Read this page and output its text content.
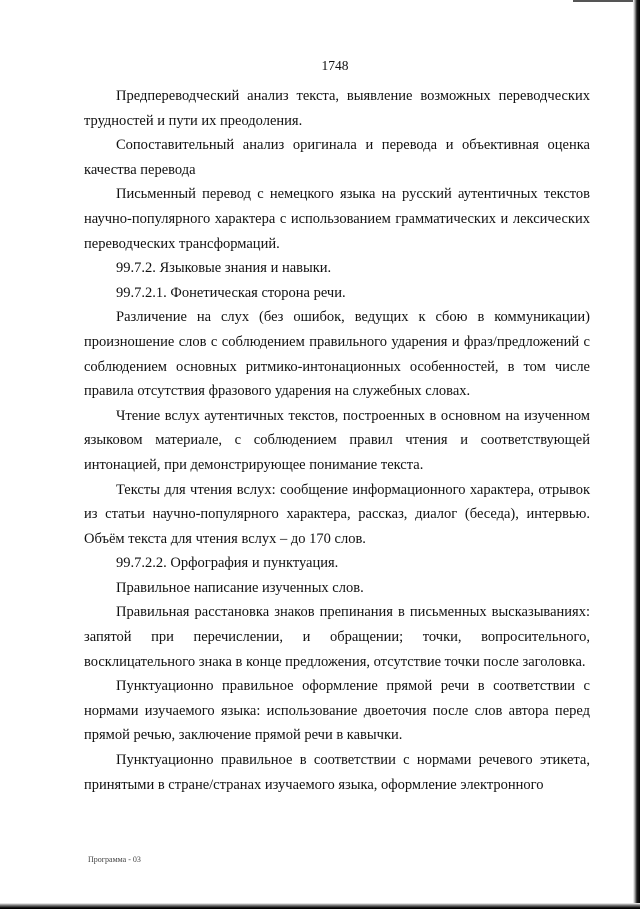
1748

Предпереводческий анализ текста, выявление возможных переводческих трудностей и пути их преодоления.

Сопоставительный анализ оригинала и перевода и объективная оценка качества перевода

Письменный перевод с немецкого языка на русский аутентичных текстов научно-популярного характера с использованием грамматических и лексических переводческих трансформаций.

99.7.2. Языковые знания и навыки.

99.7.2.1. Фонетическая сторона речи.

Различение на слух (без ошибок, ведущих к сбою в коммуникации) произношение слов с соблюдением правильного ударения и фраз/предложений с соблюдением основных ритмико-интонационных особенностей, в том числе правила отсутствия фразового ударения на служебных словах.

Чтение вслух аутентичных текстов, построенных в основном на изученном языковом материале, с соблюдением правил чтения и соответствующей интонацией, при демонстрирующее понимание текста.

Тексты для чтения вслух: сообщение информационного характера, отрывок из статьи научно-популярного характера, рассказ, диалог (беседа), интервью. Объём текста для чтения вслух – до 170 слов.

99.7.2.2. Орфография и пунктуация.

Правильное написание изученных слов.

Правильная расстановка знаков препинания в письменных высказываниях: запятой при перечислении, и обращении; точки, вопросительного, восклицательного знака в конце предложения, отсутствие точки после заголовка.

Пунктуационно правильное оформление прямой речи в соответствии с нормами изучаемого языка: использование двоеточия после слов автора перед прямой речью, заключение прямой речи в кавычки.

Пунктуационно правильное в соответствии с нормами речевого этикета, принятыми в стране/странах изучаемого языка, оформление электронного

Программа - 03
